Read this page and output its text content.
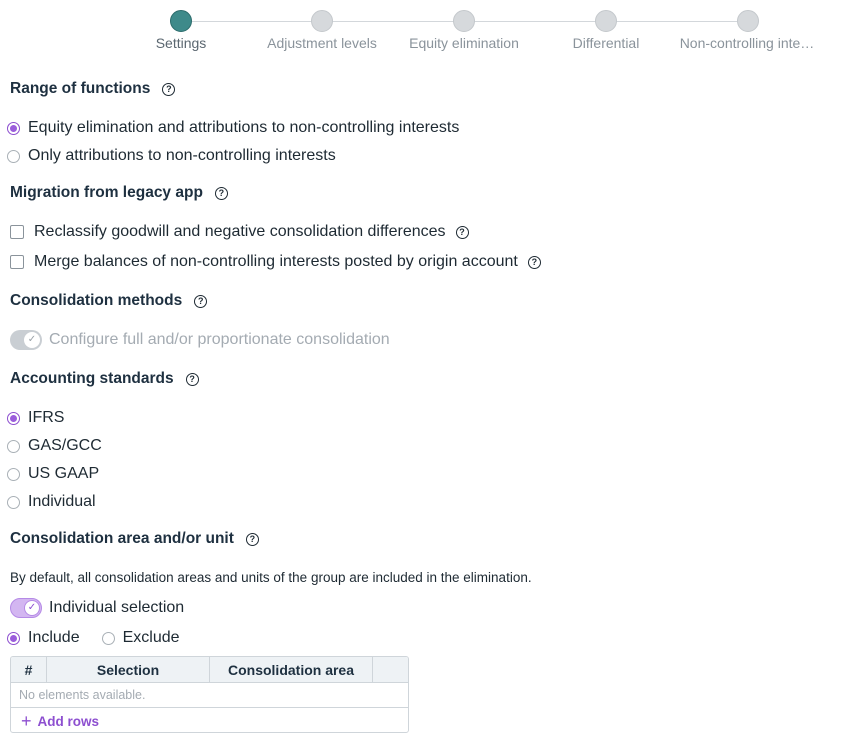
Settings	Adjustment levels Equity elimination	Differential	Non-controlling inte…
Range of functions	?
Equity elimination and attributions to non-controlling interests
Only attributions to non-controlling interests
Migration from legacy app	?
Reclassify goodwill and negative consolidation differences	?
Merge balances of non-controlling interests posted by origin account	?
Consolidation methods	?
✓ Configure full and/or proportionate consolidation
Accounting standards	?
IFRS
GAS/GCC
US GAAP
Individual
Consolidation area and/or unit	?
By default, all consolidation areas and units of the group are included in the elimination.
✓ Individual selection
Include	Exclude
#	Selection	Consolidation area
No elements available.
+ Add rows
